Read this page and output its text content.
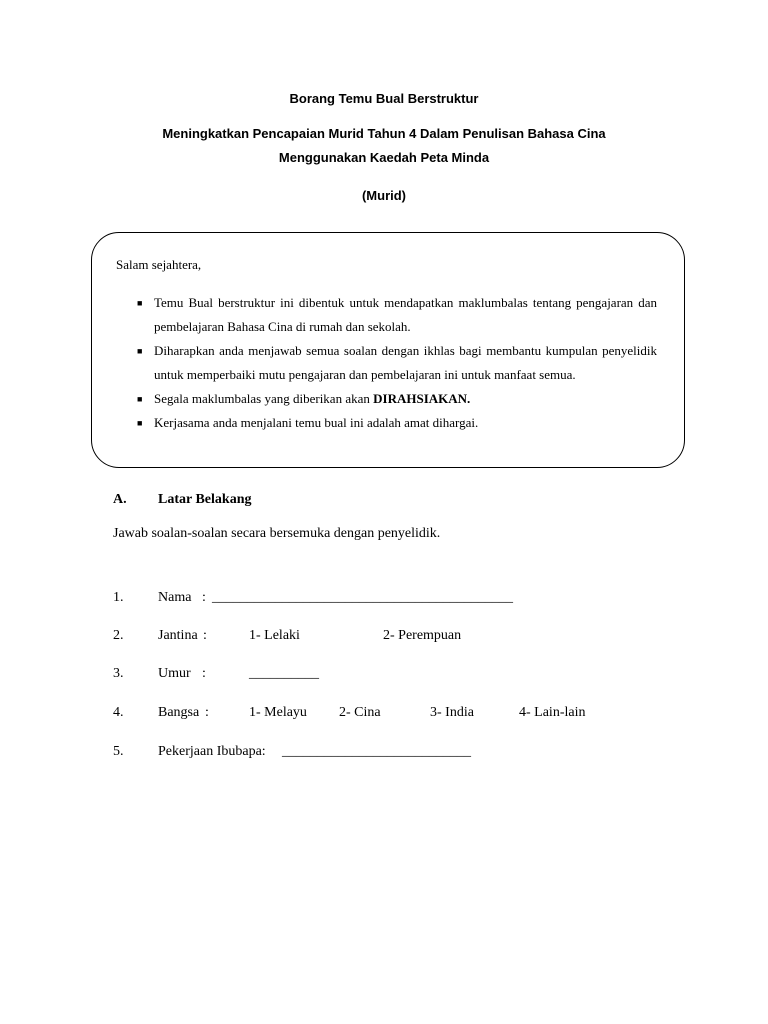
Borang Temu Bual Berstruktur
Meningkatkan Pencapaian Murid Tahun 4 Dalam Penulisan Bahasa Cina
Menggunakan Kaedah Peta Minda
(Murid)
Salam sejahtera,
■ Temu Bual berstruktur ini dibentuk untuk mendapatkan maklumbalas tentang pengajaran dan pembelajaran Bahasa Cina di rumah dan sekolah.
■ Diharapkan anda menjawab semua soalan dengan ikhlas bagi membantu kumpulan penyelidik untuk memperbaiki mutu pengajaran dan pembelajaran ini untuk manfaat semua.
■ Segala maklumbalas yang diberikan akan DIRAHSIAKAN.
■ Kerjasama anda menjalani temu bual ini adalah amat dihargai.
A. Latar Belakang
Jawab soalan-soalan secara bersemuka dengan penyelidik.
1. Nama : ___________________________________________
2. Jantina :	1- Lelaki	2- Perempuan
3. Umur :	__________
4. Bangsa :	1- Melayu 2- Cina	3- India	4- Lain-lain
5. Pekerjaan Ibubapa: ___________________________
